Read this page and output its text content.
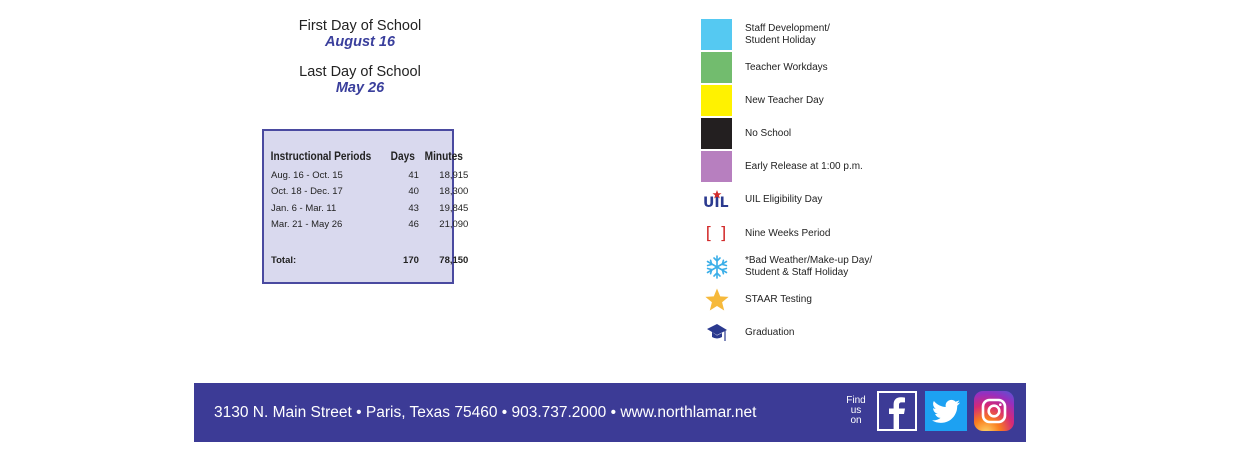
First Day of School
August 16
Last Day of School
May 26
Instructional Periods	Days	Minutes
Aug. 16 - Oct. 15	41	18,915
Oct. 18 - Dec. 17	40	18,300
Jan. 6 - Mar. 11	43	19,845
Mar. 21 - May 26	46	21,090

Total:	170	78,150
Staff Development/
Student Holiday
Teacher Workdays
New Teacher Day
No School
Early Release at 1:00 p.m.
UIL UIL Eligibility Day
[ ] Nine Weeks Period
*Bad Weather/Make-up Day/
Student & Staff Holiday
STAAR Testing
Graduation
3130 N. Main Street • Paris, Texas 75460 • 903.737.2000 • www.northlamar.net
Find
us
on
